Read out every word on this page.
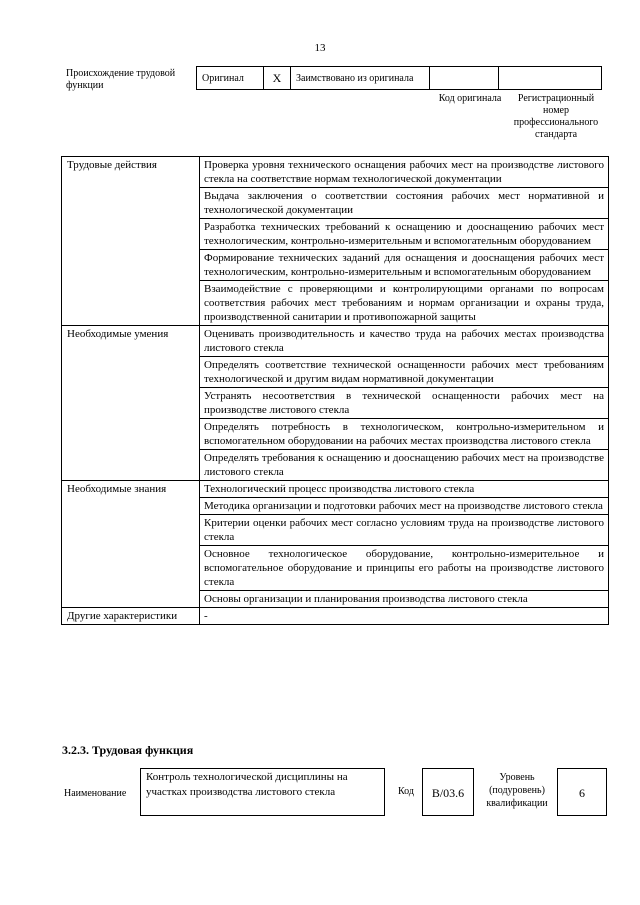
13
Происхождение трудовой функции
Оригинал	X	Заимствовано из оригинала		
Код оригинала	Регистрационный номер профессионального стандарта
Трудовые действия	Проверка уровня технического оснащения рабочих мест на производстве листового стекла на соответствие нормам технологической документации
	Выдача заключения о соответствии состояния рабочих мест нормативной и технологической документации
	Разработка технических требований к оснащению и дооснащению рабочих мест технологическим, контрольно-измерительным и вспомогательным оборудованием
	Формирование технических заданий для оснащения и дооснащения рабочих мест технологическим, контрольно-измерительным и вспомогательным оборудованием
	Взаимодействие с проверяющими и контролирующими органами по вопросам соответствия рабочих мест требованиям и нормам организации и охраны труда, производственной санитарии и противопожарной защиты
Необходимые умения	Оценивать производительность и качество труда на рабочих местах производства листового стекла
	Определять соответствие технической оснащенности рабочих мест требованиям технологической и другим видам нормативной документации
	Устранять несоответствия в технической оснащенности рабочих мест на производстве листового стекла
	Определять потребность в технологическом, контрольно-измерительном и вспомогательном оборудовании на рабочих местах производства листового стекла
	Определять требования к оснащению и дооснащению рабочих мест на производстве листового стекла
Необходимые знания	Технологический процесс производства листового стекла
	Методика организации и подготовки рабочих мест на производстве листового стекла
	Критерии оценки рабочих мест согласно условиям труда на производстве листового стекла
	Основное технологическое оборудование, контрольно-измерительное и вспомогательное оборудование и принципы его работы на производстве листового стекла
	Основы организации и планирования производства листового стекла
Другие характеристики	-
3.2.3. Трудовая функция
Наименование
Контроль технологической дисциплины на участках производства листового стекла	Код	B/03.6
Уровень (подуровень) квалификации
6
